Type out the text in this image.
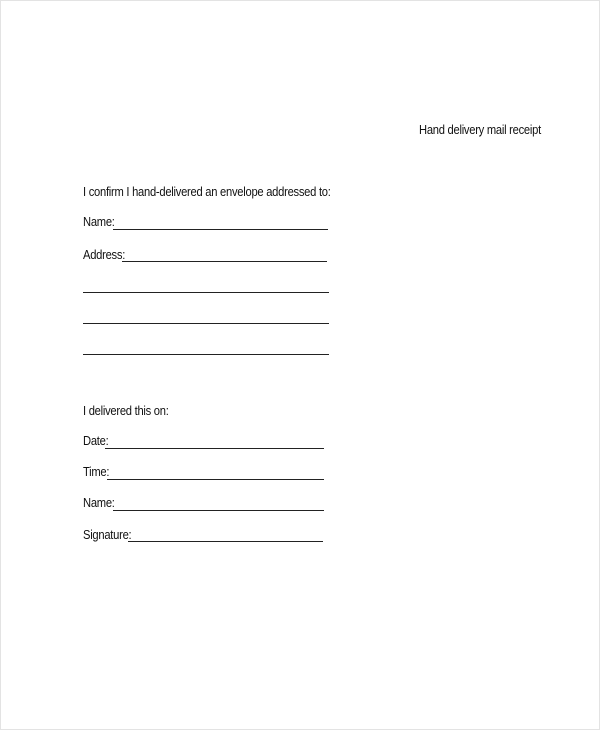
Hand delivery mail receipt
I confirm I hand-delivered an envelope addressed to:
Name:
Address:
I delivered this on:
Date:
Time:
Name:
Signature:
